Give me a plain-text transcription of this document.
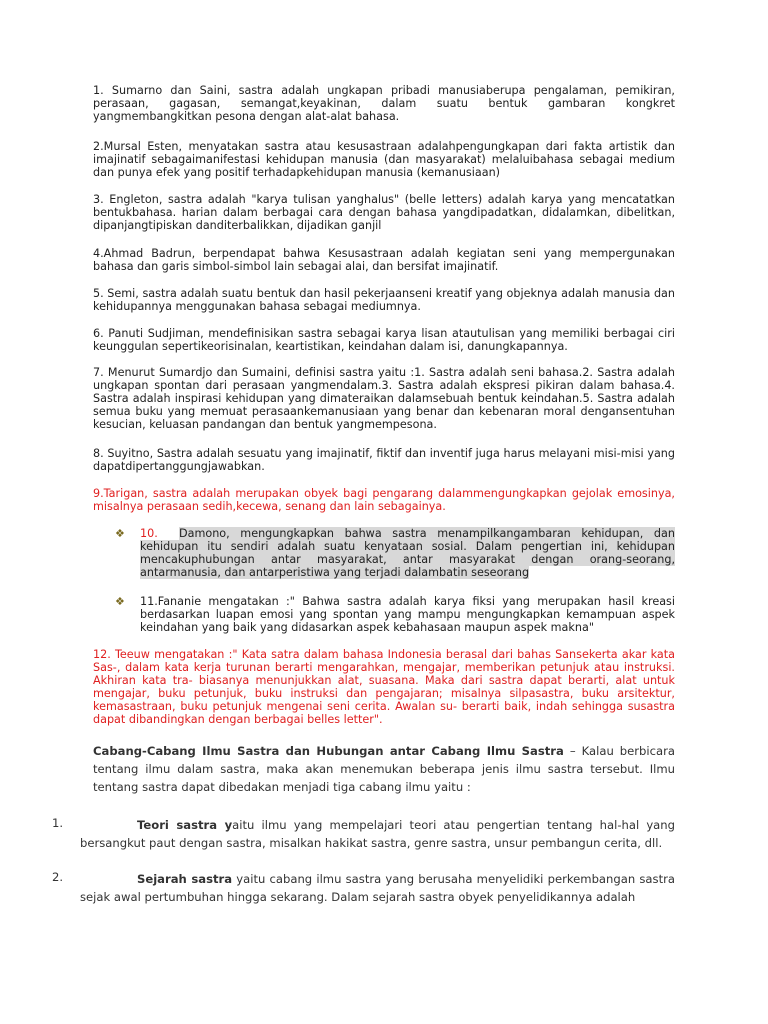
1. Sumarno dan Saini, sastra adalah ungkapan pribadi manusiaberupa pengalaman, pemikiran, perasaan, gagasan, semangat,keyakinan, dalam suatu bentuk gambaran kongkret yangmembangkitkan pesona dengan alat-alat bahasa.

2.Mursal Esten, menyatakan sastra atau kesusastraan adalahpengungkapan dari fakta artistik dan imajinatif sebagaimanifestasi kehidupan manusia (dan masyarakat) melaluibahasa sebagai medium dan punya efek yang positif terhadapkehidupan manusia (kemanusiaan)

3. Engleton, sastra adalah "karya tulisan yanghalus" (belle letters) adalah karya yang mencatatkan bentukbahasa. harian dalam berbagai cara dengan bahasa yangdipadatkan, didalamkan, dibelitkan, dipanjangtipiskan danditerbalikkan, dijadikan ganjil

4.Ahmad Badrun, berpendapat bahwa Kesusastraan adalah kegiatan seni yang mempergunakan bahasa dan garis simbol-simbol lain sebagai alai, dan bersifat imajinatif.

5. Semi, sastra adalah suatu bentuk dan hasil pekerjaanseni kreatif yang objeknya adalah manusia dan kehidupannya menggunakan bahasa sebagai mediumnya.

6. Panuti Sudjiman, mendefinisikan sastra sebagai karya lisan atautulisan yang memiliki berbagai ciri keunggulan sepertikeorisinalan, keartistikan, keindahan dalam isi, danungkapannya.

7. Menurut Sumardjo dan Sumaini, definisi sastra yaitu :1. Sastra adalah seni bahasa.2. Sastra adalah ungkapan spontan dari perasaan yangmendalam.3. Sastra adalah ekspresi pikiran dalam bahasa.4. Sastra adalah inspirasi kehidupan yang dimateraikan dalamsebuah bentuk keindahan.5. Sastra adalah semua buku yang memuat perasaankemanusiaan yang benar dan kebenaran moral dengansentuhan kesucian, keluasan pandangan dan bentuk yangmempesona.

8. Suyitno, Sastra adalah sesuatu yang imajinatif, fiktif dan inventif juga harus melayani misi-misi yang dapatdipertanggungjawabkan.

9.Tarigan, sastra adalah merupakan obyek bagi pengarang dalammengungkapkan gejolak emosinya, misalnya perasaan sedih,kecewa, senang dan lain sebagainya.

❖ 10. Damono, mengungkapkan bahwa sastra menampilkangambaran kehidupan, dan kehidupan itu sendiri adalah suatu kenyataan sosial. Dalam pengertian ini, kehidupan mencakuphubungan antar masyarakat, antar masyarakat dengan orang-seorang, antarmanusia, dan antarperistiwa yang terjadi dalambatin seseorang

❖ 11.Fananie mengatakan :" Bahwa sastra adalah karya fiksi yang merupakan hasil kreasi berdasarkan luapan emosi yang spontan yang mampu mengungkapkan kemampuan aspek keindahan yang baik yang didasarkan aspek kebahasaan maupun aspek makna"

12. Teeuw mengatakan :" Kata satra dalam bahasa Indonesia berasal dari bahas Sansekerta akar kata Sas-, dalam kata kerja turunan berarti mengarahkan, mengajar, memberikan petunjuk atau instruksi. Akhiran kata tra- biasanya menunjukkan alat, suasana. Maka dari sastra dapat berarti, alat untuk mengajar, buku petunjuk, buku instruksi dan pengajaran; misalnya silpasastra, buku arsitektur, kemasastraan, buku petunjuk mengenai seni cerita. Awalan su- berarti baik, indah sehingga susastra dapat dibandingkan dengan berbagai belles letter".

Cabang-Cabang Ilmu Sastra dan Hubungan antar Cabang Ilmu Sastra – Kalau berbicara tentang ilmu dalam sastra, maka akan menemukan beberapa jenis ilmu sastra tersebut. Ilmu tentang sastra dapat dibedakan menjadi tiga cabang ilmu yaitu :

1.	Teori sastra yaitu ilmu yang mempelajari teori atau pengertian tentang hal-hal yang bersangkut paut dengan sastra, misalkan hakikat sastra, genre sastra, unsur pembangun cerita, dll.

2.	Sejarah sastra yaitu cabang ilmu sastra yang berusaha menyelidiki perkembangan sastra sejak awal pertumbuhan hingga sekarang. Dalam sejarah sastra obyek penyelidikannya adalah
